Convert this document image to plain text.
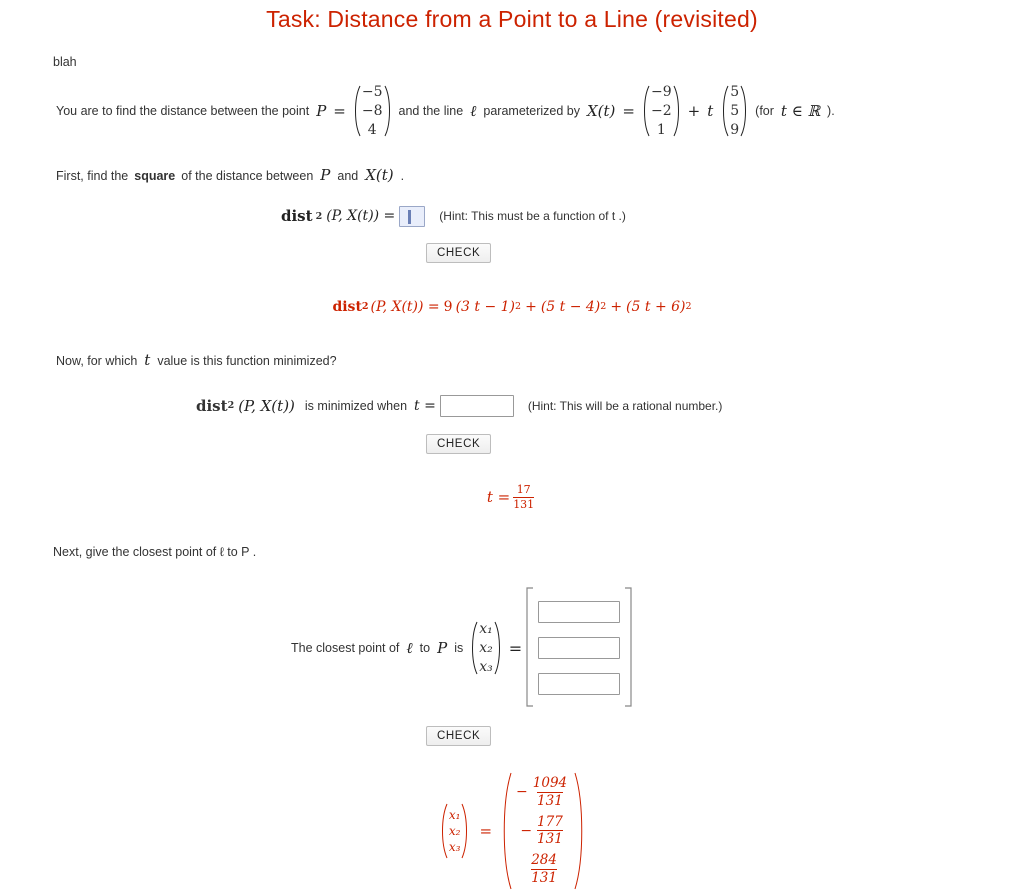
Task: Distance from a Point to a Line (revisited)
blah
You are to find the distance between the point P =
−5
−8
4
and the line ℓ parameterized by X(t) =
−9
−2
1
+ t
5
5
9
(for t ∈ ℝ ).
First, find the square of the distance between P and X(t) .
dist 2 (P, X(t)) =	(Hint: This must be a function of t .)
CHECK
dist 2 (P, X(t)) = 9 (3 t − 1) 2 + (5 t − 4) 2 + (5 t + 6) 2
Now, for which t value is this function minimized?
dist 2 (P, X(t)) is minimized when t =	(Hint: This will be a rational number.)
CHECK
$t = \frac{17}{131}$
Next, give the closest point of ℓ to P .
The closest point of ℓ to P is
x₁
x₂
x₃
=
CHECK
x₁
x₂
x₃
=
− $\frac{1094}{131}$
− $\frac{177}{131}$
$\frac{284}{131}$
